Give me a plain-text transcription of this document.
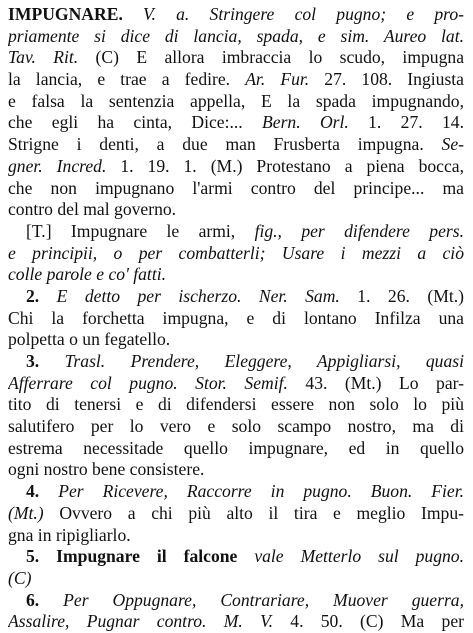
IMPUGNARE. V. a. Stringere col pugno; e pro-
priamente si dice di lancia, spada, e sim. Aureo lat.
Tav. Rit. (C) E allora imbraccia lo scudo, impugna
la lancia, e trae a fedire. Ar. Fur. 27. 108. Ingiusta
e falsa la sentenzia appella, E la spada impugnando,
che egli ha cinta, Dice:... Bern. Orl. 1. 27. 14.
Strigne i denti, a due man Frusberta impugna. Se-
gner. Incred. 1. 19. 1. (M.) Protestano a piena bocca,
che non impugnano l'armi contro del principe... ma
contro del mal governo.
[T.] Impugnare le armi, fig., per difendere pers.
e principii, o per combatterli; Usare i mezzi a ciò
colle parole e co' fatti.
2. E detto per ischerzo. Ner. Sam. 1. 26. (Mt.)
Chi la forchetta impugna, e di lontano Infilza una
polpetta o un fegatello.
3. Trasl. Prendere, Eleggere, Appigliarsi, quasi
Afferrare col pugno. Stor. Semif. 43. (Mt.) Lo par-
tito di tenersi e di difendersi essere non solo lo più
salutifero per lo vero e solo scampo nostro, ma di
estrema necessitade quello impugnare, ed in quello
ogni nostro bene consistere.
4. Per Ricevere, Raccorre in pugno. Buon. Fier.
(Mt.) Ovvero a chi più alto il tira e meglio Impu-
gna in ripigliarlo.
5. Impugnare il falcone vale Metterlo sul pugno.
(C)
6. Per Oppugnare, Contrariare, Muover guerra,
Assalire, Pugnar contro. M. V. 4. 50. (C) Ma per
